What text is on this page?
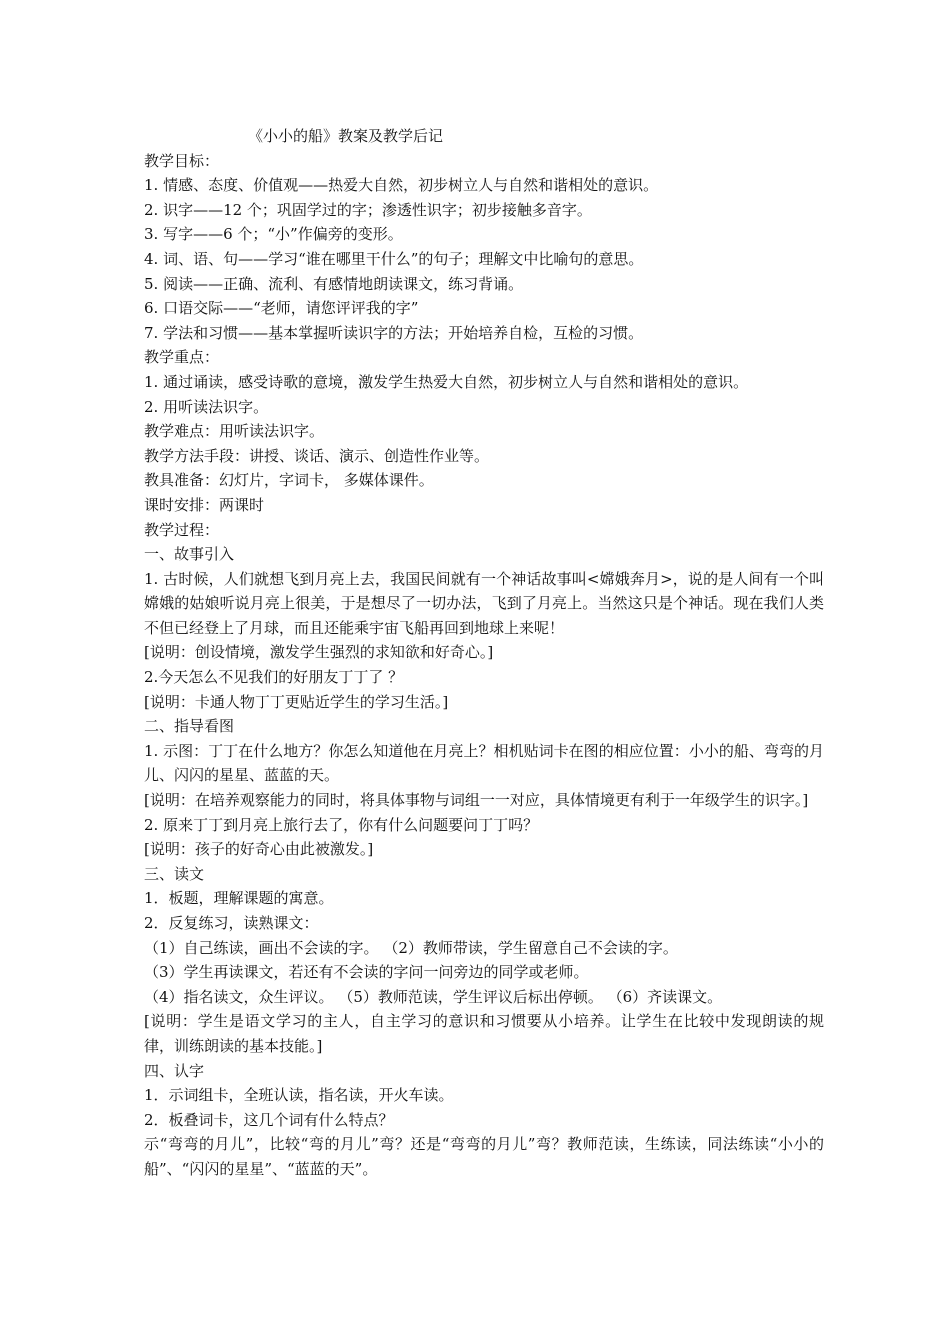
《小小的船》教案及教学后记
教学目标：
1. 情感、态度、价值观——热爱大自然，初步树立人与自然和谐相处的意识。
2. 识字——12 个；巩固学过的字；渗透性识字；初步接触多音字。
3. 写字——6 个；“小”作偏旁的变形。
4. 词、语、句——学习“谁在哪里干什么”的句子；理解文中比喻句的意思。
5. 阅读——正确、流利、有感情地朗读课文，练习背诵。
6. 口语交际——“老师，请您评评我的字”
7. 学法和习惯——基本掌握听读识字的方法；开始培养自检，互检的习惯。
教学重点：
1. 通过诵读，感受诗歌的意境，激发学生热爱大自然，初步树立人与自然和谐相处的意识。
2. 用听读法识字。
教学难点：用听读法识字。
教学方法手段：讲授、谈话、演示、创造性作业等。
教具准备：幻灯片，字词卡， 多媒体课件。
课时安排：两课时
教学过程：
一、故事引入
1. 古时候，人们就想飞到月亮上去，我国民间就有一个神话故事叫<嫦娥奔月>，说的是人间有一个叫嫦娥的姑娘听说月亮上很美，于是想尽了一切办法，飞到了月亮上。当然这只是个神话。现在我们人类不但已经登上了月球，而且还能乘宇宙飞船再回到地球上来呢！
[说明：创设情境，激发学生强烈的求知欲和好奇心。]
2.今天怎么不见我们的好朋友丁丁了 ？
[说明：卡通人物丁丁更贴近学生的学习生活。]
二、指导看图
1. 示图：丁丁在什么地方？你怎么知道他在月亮上？相机贴词卡在图的相应位置：小小的船、弯弯的月儿、闪闪的星星、蓝蓝的天。
[说明：在培养观察能力的同时，将具体事物与词组一一对应，具体情境更有利于一年级学生的识字。]
2. 原来丁丁到月亮上旅行去了，你有什么问题要问丁丁吗？
[说明：孩子的好奇心由此被激发。]
三、读文
1．板题，理解课题的寓意。
2．反复练习，读熟课文：
（1）自己练读，画出不会读的字。 （2）教师带读，学生留意自己不会读的字。
（3）学生再读课文，若还有不会读的字问一问旁边的同学或老师。
（4）指名读文，众生评议。 （5）教师范读，学生评议后标出停顿。 （6）齐读课文。
[说明：学生是语文学习的主人，自主学习的意识和习惯要从小培养。让学生在比较中发现朗读的规律，训练朗读的基本技能。]
四、认字
1．示词组卡，全班认读，指名读，开火车读。
2．板叠词卡，这几个词有什么特点？
示“弯弯的月儿”，比较“弯的月儿”弯？还是“弯弯的月儿”弯？教师范读，生练读，同法练读“小小的船”、“闪闪的星星”、“蓝蓝的天”。
